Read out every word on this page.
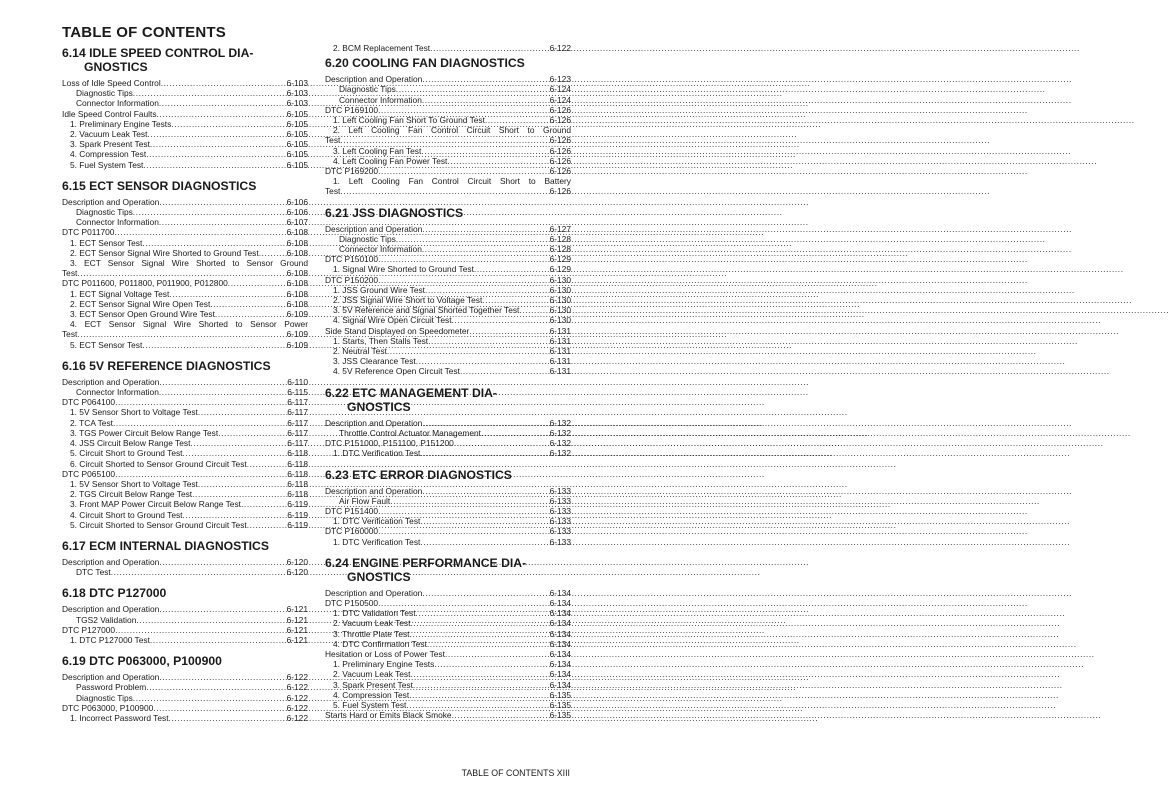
TABLE OF CONTENTS
6.14 IDLE SPEED CONTROL DIA-
GNOSTICS
Loss of Idle Speed Control .....	6-103
Diagnostic Tips .....	6-103
Connector Information .....	6-103
Idle Speed Control Faults .....	6-105
1. Preliminary Engine Tests .....	6-105
2. Vacuum Leak Test .....	6-105
3. Spark Present Test .....	6-105
4. Compression Test .....	6-105
5. Fuel System Test .....	6-105
6.15 ECT SENSOR DIAGNOSTICS
Description and Operation .....	6-106
Diagnostic Tips .....	6-106
Connector Information .....	6-107
DTC P011700 .....	6-108
1. ECT Sensor Test .....	6-108
2. ECT Sensor Signal Wire Shorted to Ground Test .....	6-108
3. ECT Sensor Signal Wire Shorted to Sensor Ground
Test .....	6-108
DTC P011600, P011800, P011900, P012800 .....	6-108
1. ECT Signal Voltage Test .....	6-108
2. ECT Sensor Signal Wire Open Test .....	6-108
3. ECT Sensor Open Ground Wire Test .....	6-109
4. ECT Sensor Signal Wire Shorted to Sensor Power
Test .....	6-109
5. ECT Sensor Test .....	6-109
6.16 5V REFERENCE DIAGNOSTICS
Description and Operation .....	6-110
Connector Information .....	6-115
DTC P064100 .....	6-117
1. 5V Sensor Short to Voltage Test .....	6-117
2. TCA Test .....	6-117
3. TGS Power Circuit Below Range Test .....	6-117
4. JSS Circuit Below Range Test .....	6-117
5. Circuit Short to Ground Test .....	6-118
6. Circuit Shorted to Sensor Ground Circuit Test .....	6-118
DTC P065100 .....	6-118
1. 5V Sensor Short to Voltage Test .....	6-118
2. TGS Circuit Below Range Test .....	6-118
3. Front MAP Power Circuit Below Range Test .....	6-119
4. Circuit Short to Ground Test .....	6-119
5. Circuit Shorted to Sensor Ground Circuit Test .....	6-119
6.17 ECM INTERNAL DIAGNOSTICS
Description and Operation .....	6-120
DTC Test .....	6-120
6.18 DTC P127000
Description and Operation .....	6-121
TGS2 Validation .....	6-121
DTC P127000 .....	6-121
1. DTC P127000 Test .....	6-121
6.19 DTC P063000, P100900
Description and Operation .....	6-122
Password Problem .....	6-122
Diagnostic Tips .....	6-122
DTC P063000, P100900 .....	6-122
1. Incorrect Password Test .....	6-122
2. BCM Replacement Test .....	6-122
6.20 COOLING FAN DIAGNOSTICS
Description and Operation .....	6-123
Diagnostic Tips .....	6-124
Connector Information .....	6-124
DTC P169100 .....	6-126
1. Left Cooling Fan Short To Ground Test .....	6-126
2. Left Cooling Fan Control Circuit Short to Ground
Test .....	6-126
3. Left Cooling Fan Test .....	6-126
4. Left Cooling Fan Power Test .....	6-126
DTC P169200 .....	6-126
1. Left Cooling Fan Control Circuit Short to Battery
Test .....	6-126
6.21 JSS DIAGNOSTICS
Description and Operation .....	6-127
Diagnostic Tips .....	6-128
Connector Information .....	6-128
DTC P150100 .....	6-129
1. Signal Wire Shorted to Ground Test .....	6-129
DTC P150200 .....	6-130
1. JSS Ground Wire Test .....	6-130
2. JSS Signal Wire Short to Voltage Test .....	6-130
3. 5V Reference and Signal Shorted Together Test .....	6-130
4. Signal Wire Open Circuit Test .....	6-130
Side Stand Displayed on Speedometer .....	6-131
1. Starts, Then Stalls Test .....	6-131
2. Neutral Test .....	6-131
3. JSS Clearance Test .....	6-131
4. 5V Reference Open Circuit Test .....	6-131
6.22 ETC MANAGEMENT DIA-
GNOSTICS
Description and Operation .....	6-132
Throttle Control Actuator Management .....	6-132
DTC P151000, P151100, P151200 .....	6-132
1. DTC Verification Test .....	6-132
6.23 ETC ERROR DIAGNOSTICS
Description and Operation .....	6-133
Air Flow Fault .....	6-133
DTC P151400 .....	6-133
1. DTC Verification Test .....	6-133
DTC P160000 .....	6-133
1. DTC Verification Test .....	6-133
6.24 ENGINE PERFORMANCE DIA-
GNOSTICS
Description and Operation .....	6-134
DTC P150500 .....	6-134
1. DTC Validation Test .....	6-134
2. Vacuum Leak Test .....	6-134
3. Throttle Plate Test .....	6-134
4. DTC Confirmation Test .....	6-134
Hesitation or Loss of Power Test .....	6-134
1. Preliminary Engine Tests .....	6-134
2. Vacuum Leak Test .....	6-134
3. Spark Present Test .....	6-134
4. Compression Test .....	6-135
5. Fuel System Test .....	6-135
Starts Hard or Emits Black Smoke .....	6-135
TABLE OF CONTENTS XIII
